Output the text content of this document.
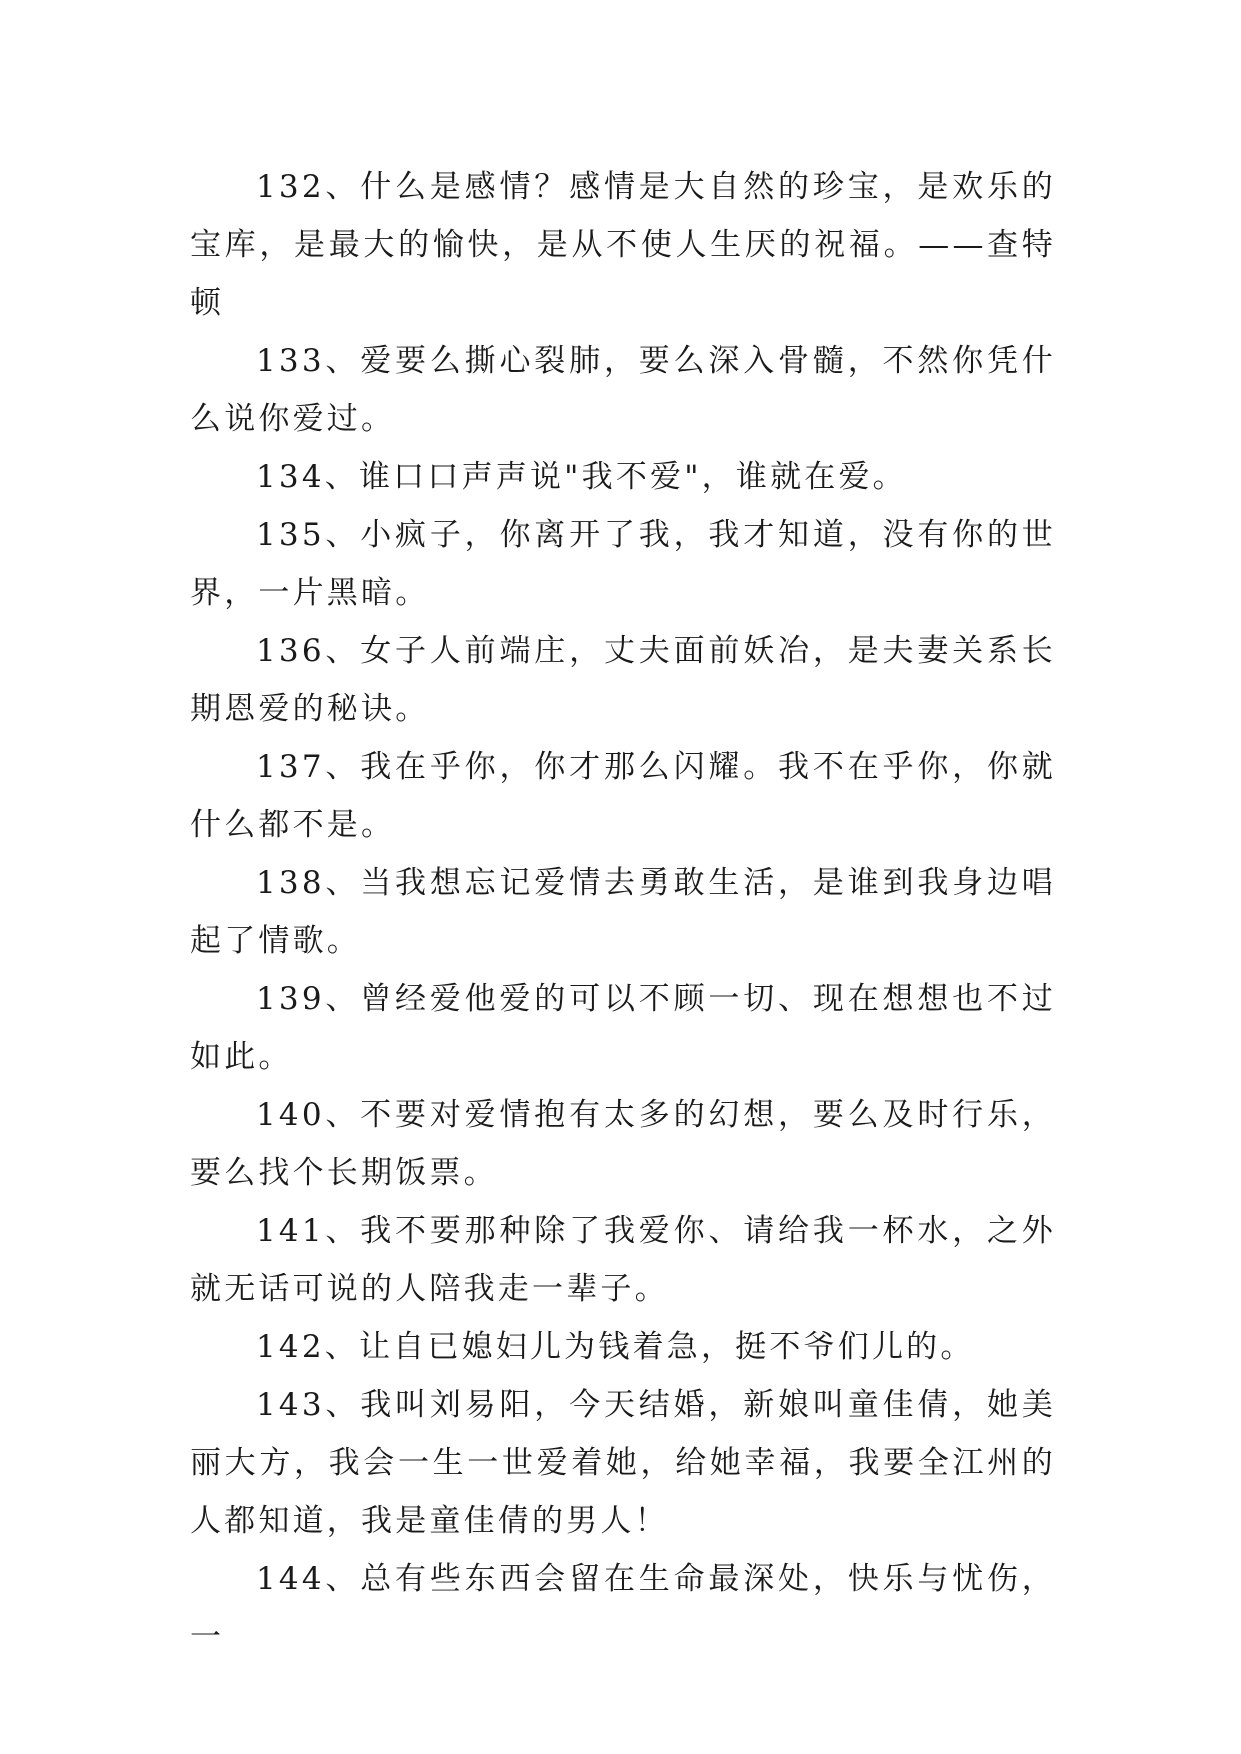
132、什么是感情？感情是大自然的珍宝，是欢乐的宝库，是最大的愉快，是从不使人生厌的祝福。——查特顿

133、爱要么撕心裂肺，要么深入骨髓，不然你凭什么说你爱过。

134、谁口口声声说"我不爱"，谁就在爱。

135、小疯子，你离开了我，我才知道，没有你的世界，一片黑暗。

136、女子人前端庄，丈夫面前妖冶，是夫妻关系长期恩爱的秘诀。

137、我在乎你，你才那么闪耀。我不在乎你，你就什么都不是。

138、当我想忘记爱情去勇敢生活，是谁到我身边唱起了情歌。

139、曾经爱他爱的可以不顾一切、现在想想也不过如此。

140、不要对爱情抱有太多的幻想，要么及时行乐，要么找个长期饭票。

141、我不要那种除了我爱你、请给我一杯水，之外就无话可说的人陪我走一辈子。

142、让自已媳妇儿为钱着急，挺不爷们儿的。

143、我叫刘易阳，今天结婚，新娘叫童佳倩，她美丽大方，我会一生一世爱着她，给她幸福，我要全江州的人都知道，我是童佳倩的男人！

144、总有些东西会留在生命最深处，快乐与忧伤，一
